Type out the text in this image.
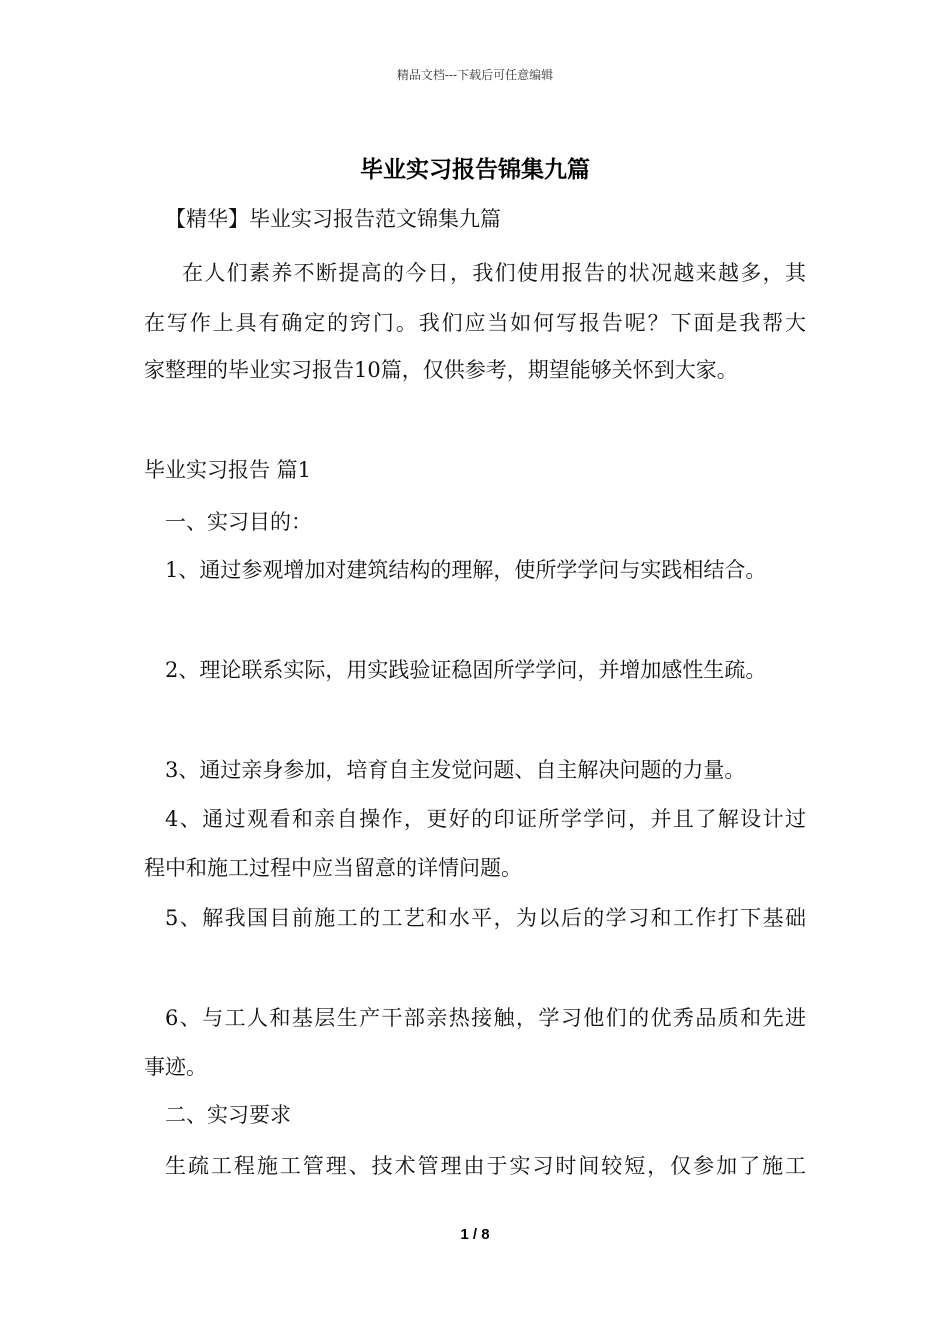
精品文档---下载后可任意编辑
毕业实习报告锦集九篇
【精华】毕业实习报告范文锦集九篇
在人们素养不断提高的今日，我们使用报告的状况越来越多，其
在写作上具有确定的窍门。我们应当如何写报告呢？下面是我帮大
家整理的毕业实习报告10篇，仅供参考，期望能够关怀到大家。
毕业实习报告 篇1
一、实习目的：
1、通过参观增加对建筑结构的理解，使所学学问与实践相结合。
2、理论联系实际，用实践验证稳固所学学问，并增加感性生疏。
3、通过亲身参加，培育自主发觉问题、自主解决问题的力量。
4、通过观看和亲自操作，更好的印证所学学问，并且了解设计过
程中和施工过程中应当留意的详情问题。
5、解我国目前施工的工艺和水平，为以后的学习和工作打下基础
6、与工人和基层生产干部亲热接触，学习他们的优秀品质和先进
事迹。
二、实习要求
生疏工程施工管理、技术管理由于实习时间较短，仅参加了施工
1 / 8
